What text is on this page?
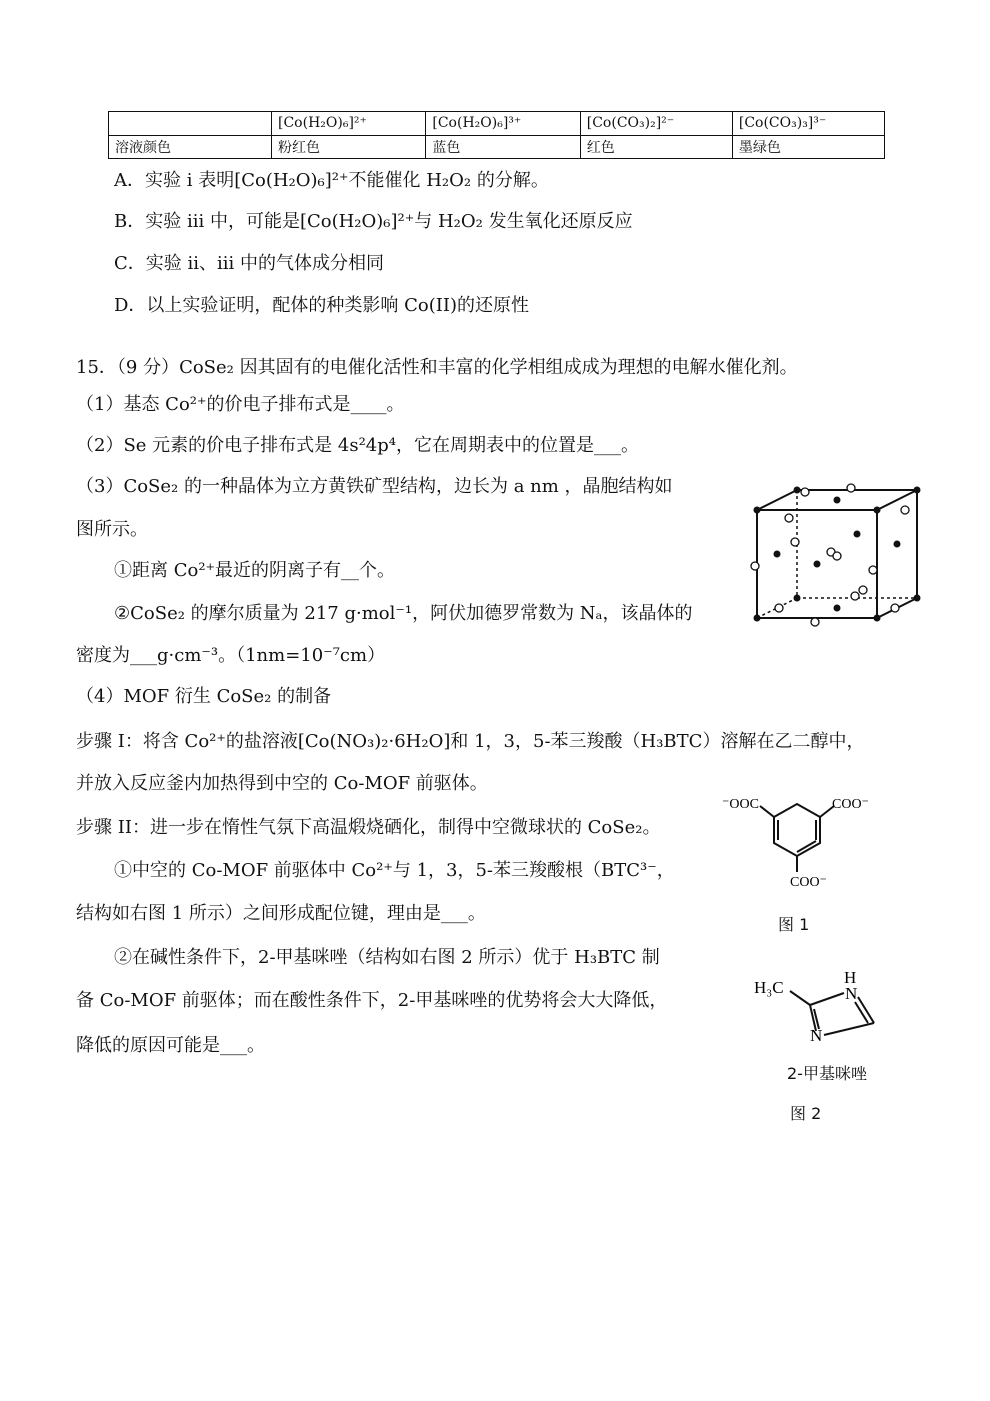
	[Co(H₂O)₆]²⁺	[Co(H₂O)₆]³⁺	[Co(CO₃)₂]²⁻	[Co(CO₃)₃]³⁻
溶液颜色	粉红色	蓝色	红色	墨绿色
A．实验 i 表明[Co(H₂O)₆]²⁺不能催化 H₂O₂ 的分解。
B．实验 iii 中，可能是[Co(H₂O)₆]²⁺与 H₂O₂ 发生氧化还原反应
C．实验 ii、iii 中的气体成分相同
D．以上实验证明，配体的种类影响 Co(II)的还原性
15．（9 分）CoSe₂ 因其固有的电催化活性和丰富的化学相组成成为理想的电解水催化剂。
（1）基态 Co²⁺的价电子排布式是____。
（2）Se 元素的价电子排布式是 4s²4p⁴，它在周期表中的位置是___。
（3）CoSe₂ 的一种晶体为立方黄铁矿型结构，边长为 a nm ，晶胞结构如
图所示。
①距离 Co²⁺最近的阴离子有__个。
②CoSe₂ 的摩尔质量为 217 g·mol⁻¹，阿伏加德罗常数为 Nₐ，该晶体的
密度为___g·cm⁻³。（1nm=10⁻⁷cm）
（4）MOF 衍生 CoSe₂ 的制备
步骤 I：将含 Co²⁺的盐溶液[Co(NO₃)₂·6H₂O]和 1，3，5-苯三羧酸（H₃BTC）溶解在乙二醇中，
并放入反应釜内加热得到中空的 Co-MOF 前驱体。
步骤 II：进一步在惰性气氛下高温煅烧硒化，制得中空微球状的 CoSe₂。
①中空的 Co-MOF 前驱体中 Co²⁺与 1，3，5-苯三羧酸根（BTC³⁻，
结构如右图 1 所示）之间形成配位键，理由是___。
②在碱性条件下，2-甲基咪唑（结构如右图 2 所示）优于 H₃BTC 制
备 Co-MOF 前驱体；而在酸性条件下，2-甲基咪唑的优势将会大大降低，
降低的原因可能是___。
⁻OOC	COO⁻
COO⁻
图 1
H₃C
H
N
N
2-甲基咪唑
图 2
